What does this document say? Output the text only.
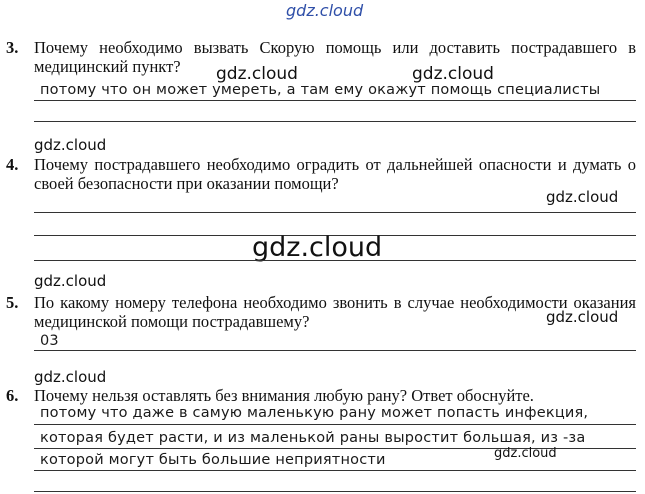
gdz.cloud
3. Почему необходимо вызвать Скорую помощь или доставить пострадавшего в медицинский пункт?	gdz.cloud	gdz.cloud
потому что он может умереть, а там ему окажут помощь специалисты
gdz.cloud
4. Почему пострадавшего необходимо оградить от дальнейшей опасности и думать о своей безопасности при оказании помощи?
gdz.cloud
gdz.cloud
gdz.cloud
5. По какому номеру телефона необходимо звонить в случае необходимости оказания медицинской помощи пострадавшему?	gdz.cloud
03
gdz.cloud
6. Почему нельзя оставлять без внимания любую рану? Ответ обоснуйте.
потому что даже в самую маленькую рану может попасть инфекция,
которая будет расти, и из маленькой раны выростит большая, из -за
gdz.cloud
которой могут быть большие неприятности
